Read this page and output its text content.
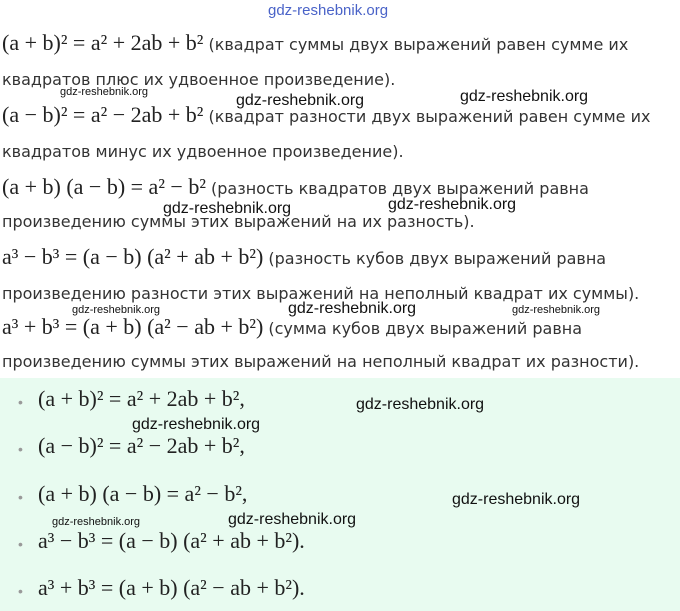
gdz-reshebnik.org
(a + b)² = a² + 2ab + b² (квадрат суммы двух выражений равен сумме их
квадратов плюс их удвоенное произведение).
(a − b)² = a² − 2ab + b² (квадрат разности двух выражений равен сумме их
квадратов минус их удвоенное произведение).
(a + b) (a − b) = a² − b² (разность квадратов двух выражений равна
произведению суммы этих выражений на их разность).
a³ − b³ = (a − b) (a² + ab + b²) (разность кубов двух выражений равна
произведению разности этих выражений на неполный квадрат их суммы).
a³ + b³ = (a + b) (a² − ab + b²) (сумма кубов двух выражений равна
произведению суммы этих выражений на неполный квадрат их разности).
• (a + b)² = a² + 2ab + b²,
• (a − b)² = a² − 2ab + b²,
• (a + b) (a − b) = a² − b²,
• a³ − b³ = (a − b) (a² + ab + b²).
• a³ + b³ = (a + b) (a² − ab + b²).
gdz-reshebnik.org	gdz-reshebnik.org	gdz-reshebnik.org
gdz-reshebnik.org	gdz-reshebnik.org
gdz-reshebnik.org	gdz-reshebnik.org	gdz-reshebnik.org
gdz-reshebnik.org
gdz-reshebnik.org
gdz-reshebnik.org
gdz-reshebnik.org	gdz-reshebnik.org
